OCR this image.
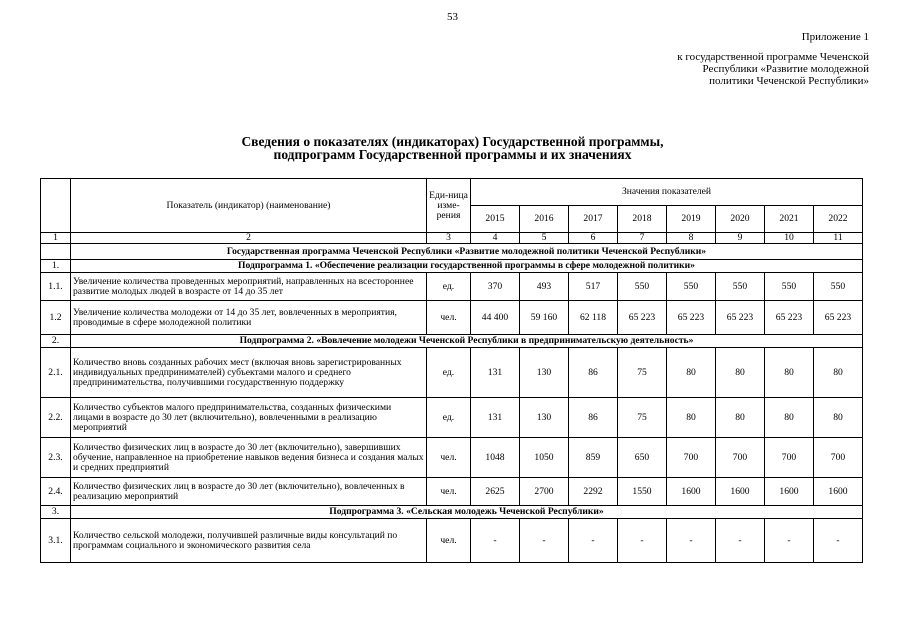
53
Приложение 1
к государственной программе Чеченской
Республики «Развитие молодежной
политики Чеченской Республики»
Сведения о показателях (индикаторах) Государственной программы,
подпрограмм Государственной программы и их значениях
	Показатель (индикатор) (наименование)	Еди-ница изме-рения	Значения показателей							
			2015	2016	2017	2018	2019	2020	2021	2022
1	2	3	4	5	6	7	8	9	10	11
	Государственная программа Чеченской Республики «Развитие молодежной политики Чеченской Республики»									
1.	Подпрограмма 1. «Обеспечение реализации государственной программы в сфере молодежной политики»									
1.1.	Увеличение количества проведенных мероприятий, направленных на всестороннее развитие молодых людей в возрасте от 14 до 35 лет	ед.	370	493	517	550	550	550	550	550
1.2	Увеличение количества молодежи от 14 до 35 лет, вовлеченных в мероприятия, проводимые в сфере молодежной политики	чел.	44 400	59 160	62 118	65 223	65 223	65 223	65 223	65 223
2.	Подпрограмма 2. «Вовлечение молодежи Чеченской Республики в предпринимательскую деятельность»									
2.1.	Количество вновь созданных рабочих мест (включая вновь зарегистрированных индивидуальных предпринимателей) субъектами малого и среднего предпринимательства, получившими государственную поддержку	ед.	131	130	86	75	80	80	80	80
2.2.	Количество субъектов малого предпринимательства, созданных физическими лицами в возрасте до 30 лет (включительно), вовлеченными в реализацию мероприятий	ед.	131	130	86	75	80	80	80	80
2.3.	Количество физических лиц в возрасте до 30 лет (включительно), завершивших обучение, направленное на приобретение навыков ведения бизнеса и создания малых и средних предприятий	чел.	1048	1050	859	650	700	700	700	700
2.4.	Количество физических лиц в возрасте до 30 лет (включительно), вовлеченных в реализацию мероприятий	чел.	2625	2700	2292	1550	1600	1600	1600	1600
3.	Подпрограмма 3. «Сельская молодежь Чеченской Республики»									
3.1.	Количество сельской молодежи, получившей различные виды консультаций по программам социального и экономического развития села	чел.	-	-	-	-	-	-	-	-
